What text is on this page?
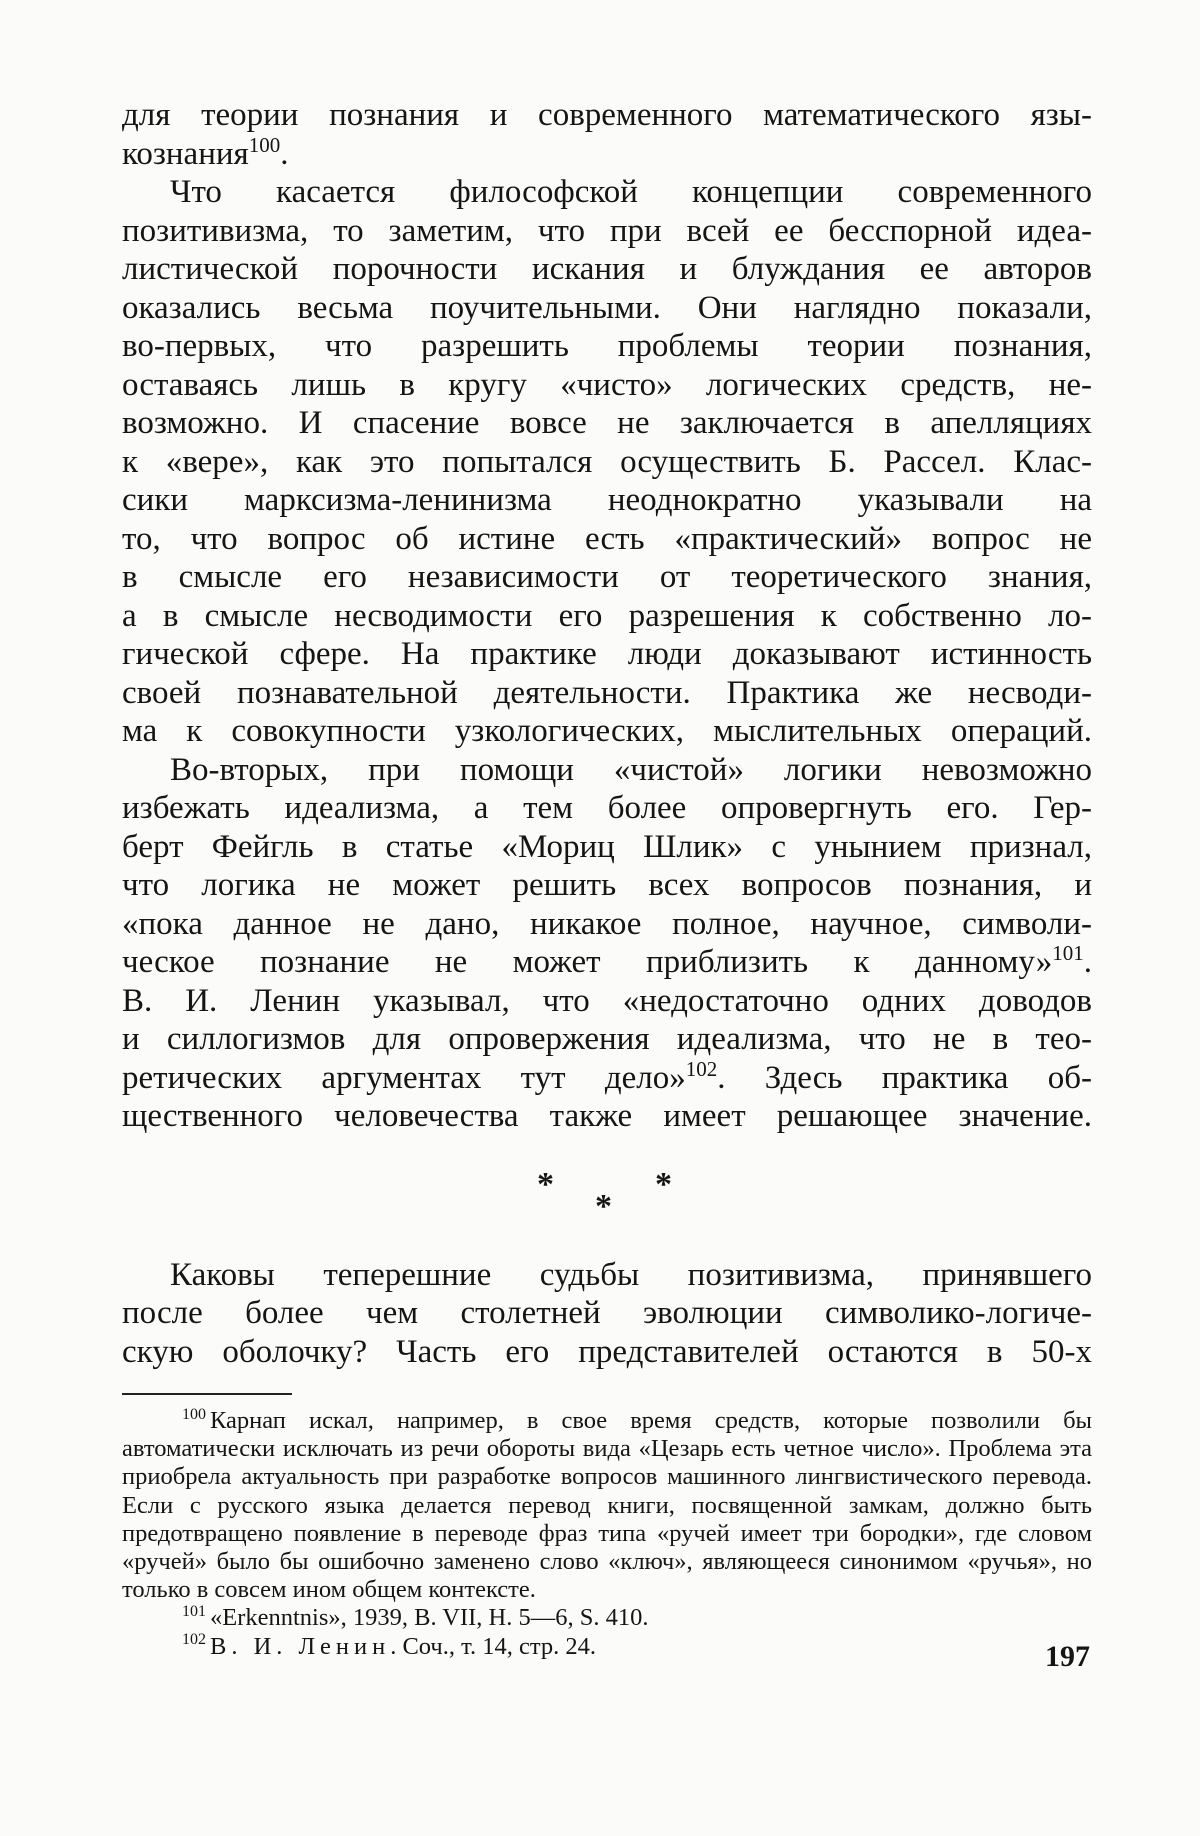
для теории познания и современного математического язы-

кознания$^{100}$.

Что касается философской концепции современного

позитивизма, то заметим, что при всей ее бесспорной идеа-

листической порочности искания и блуждания ее авторов

оказались весьма поучительными. Они наглядно показали,

во-первых, что разрешить проблемы теории познания,

оставаясь лишь в кругу «чисто» логических средств, не-

возможно. И спасение вовсе не заключается в апелляциях

к «вере», как это попытался осуществить Б. Рассел. Клас-

сики марксизма-ленинизма неоднократно указывали на

то, что вопрос об истине есть «практический» вопрос не

в смысле его независимости от теоретического знания,

а в смысле несводимости его разрешения к собственно ло-

гической сфере. На практике люди доказывают истинность

своей познавательной деятельности. Практика же несводи-

ма к совокупности узкологических, мыслительных операций.

Во-вторых, при помощи «чистой» логики невозможно

избежать идеализма, а тем более опровергнуть его. Гер-

берт Фейгль в статье «Мориц Шлик» с унынием признал,

что логика не может решить всех вопросов познания, и

«пока данное не дано, никакое полное, научное, символи-

ческое познание не может приблизить к данному»$^{101}$.

В. И. Ленин указывал, что «недостаточно одних доводов

и силлогизмов для опровержения идеализма, что не в тео-

ретических аргументах тут дело»$^{102}$. Здесь практика об-

щественного человечества также имеет решающее значение.

*	*
*

Каковы теперешние судьбы позитивизма, принявшего

после более чем столетней эволюции символико-логиче-

скую оболочку? Часть его представителей остаются в 50-х

$^{100}$ Карнап искал, например, в свое время средств, которые позволили бы автоматически исключать из речи обороты вида «Цезарь есть четное число». Проблема эта приобрела актуальность при разработке вопросов машинного лингвистического перевода. Если с русского языка делается перевод книги, посвященной замкам, должно быть предотвращено появление в переводе фраз типа «ручей имеет три бородки», где словом «ручей» было бы ошибочно заменено слово «ключ», являющееся синонимом «ручья», но только в совсем ином общем контексте.

$^{101}$ «Erkenntnis», 1939, B. VII, H. 5—6, S. 410.

$^{102}$ В. И. Ленин. Соч., т. 14, стр. 24.	197
